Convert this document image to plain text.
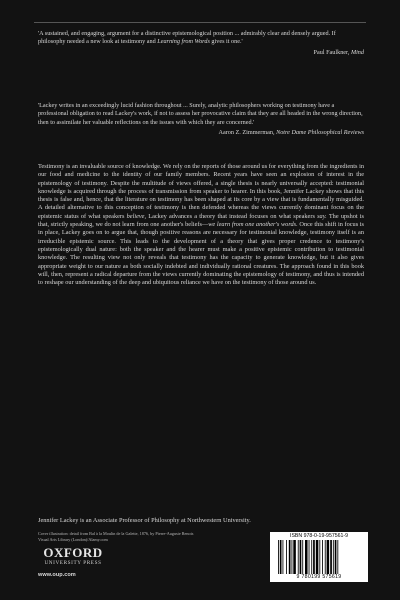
'A sustained, and engaging, argument for a distinctive epistemological position ... admirably clear and densely argued. If philosophy needed a new look at testimony and Learning from Words gives it one.'

Paul Faulkner, Mind

'Lackey writes in an exceedingly lucid fashion throughout ... Surely, analytic philosophers working on testimony have a professional obligation to read Lackey's work, if not to assess her provocative claim that they are all headed in the wrong direction, then to assimilate her valuable reflections on the issues with which they are concerned.'

Aaron Z. Zimmerman, Notre Dame Philosophical Reviews

Testimony is an invaluable source of knowledge. We rely on the reports of those around us for everything from the ingredients in our food and medicine to the identity of our family members. Recent years have seen an explosion of interest in the epistemology of testimony. Despite the multitude of views offered, a single thesis is nearly universally accepted: testimonial knowledge is acquired through the process of transmission from speaker to hearer. In this book, Jennifer Lackey shows that this thesis is false and, hence, that the literature on testimony has been shaped at its core by a view that is fundamentally misguided. A detailed alternative to this conception of testimony is then defended whereas the views currently dominant focus on the epistemic status of what speakers believe, Lackey advances a theory that instead focuses on what speakers say. The upshot is that, strictly speaking, we do not learn from one another's beliefs—we learn from one another's words. Once this shift in focus is in place, Lackey goes on to argue that, though positive reasons are necessary for testimonial knowledge, testimony itself is an irreducible epistemic source. This leads to the development of a theory that gives proper credence to testimony's epistemologically dual nature: both the speaker and the hearer must make a positive epistemic contribution to testimonial knowledge. The resulting view not only reveals that testimony has the capacity to generate knowledge, but it also gives appropriate weight to our nature as both socially indebted and individually rational creatures. The approach found in this book will, then, represent a radical departure from the views currently dominating the epistemology of testimony, and thus is intended to reshape our understanding of the deep and ubiquitous reliance we have on the testimony of those around us.

Jennifer Lackey is an Associate Professor of Philosophy at Northwestern University.
Cover illustration: detail from Bal à la Moulin de la Galette, 1876, by Pierre-Auguste Renoir.
Visual Arts Library (London)/Alamy.com
OXFORD
UNIVERSITY PRESS
www.oup.com
ISBN 978-0-19-957561-9
9 780199 575619
